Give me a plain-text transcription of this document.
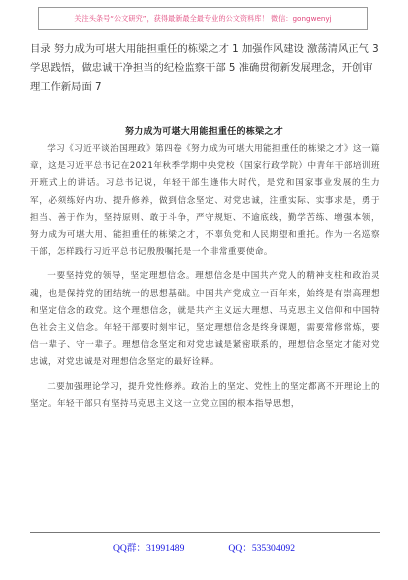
关注头条号“公文研究”，获得最新最全最专业的公文资料库！ 微信：gongwenyj
目录 努力成为可堪大用能担重任的栋梁之才 1 加强作风建设 激荡清风正气 3 学思践悟，做忠诚干净担当的纪检监察干部 5 准确贯彻新发展理念，开创审理工作新局面 7
努力成为可堪大用能担重任的栋梁之才

学习《习近平谈治国理政》第四卷《努力成为可堪大用能担重任的栋梁之才》这一篇章，这是习近平总书记在2021年秋季学期中央党校（国家行政学院）中青年干部培训班开班式上的讲话。习总书记说，年轻干部生逢伟大时代，是党和国家事业发展的生力军，必须练好内功、提升修养，做到信念坚定、对党忠诚，注重实际、实事求是，勇于担当、善于作为，坚持原则、敢于斗争，严守规矩、不逾底线，勤学苦练、增强本领，努力成为可堪大用、能担重任的栋梁之才，不辜负党和人民期望和重托。作为一名巡察干部，怎样践行习近平总书记殷殷嘱托是一个非常重要使命。

一要坚持党的领导，坚定理想信念。理想信念是中国共产党人的精神支柱和政治灵魂，也是保持党的团结统一的思想基础。中国共产党成立一百年来，始终是有崇高理想和坚定信念的政党。这个理想信念，就是共产主义远大理想、马克思主义信仰和中国特色社会主义信念。年轻干部要时刻牢记，坚定理想信念是终身课题，需要常修常炼，要信一辈子、守一辈子。理想信念坚定和对党忠诚是紧密联系的，理想信念坚定才能对党忠诚，对党忠诚是对理想信念坚定的最好诠释。

二要加强理论学习，提升党性修养。政治上的坚定、党性上的坚定都离不开理论上的坚定。年轻干部只有坚持马克思主义这一立党立国的根本指导思想，

QQ群：31991489	QQ：535304092
